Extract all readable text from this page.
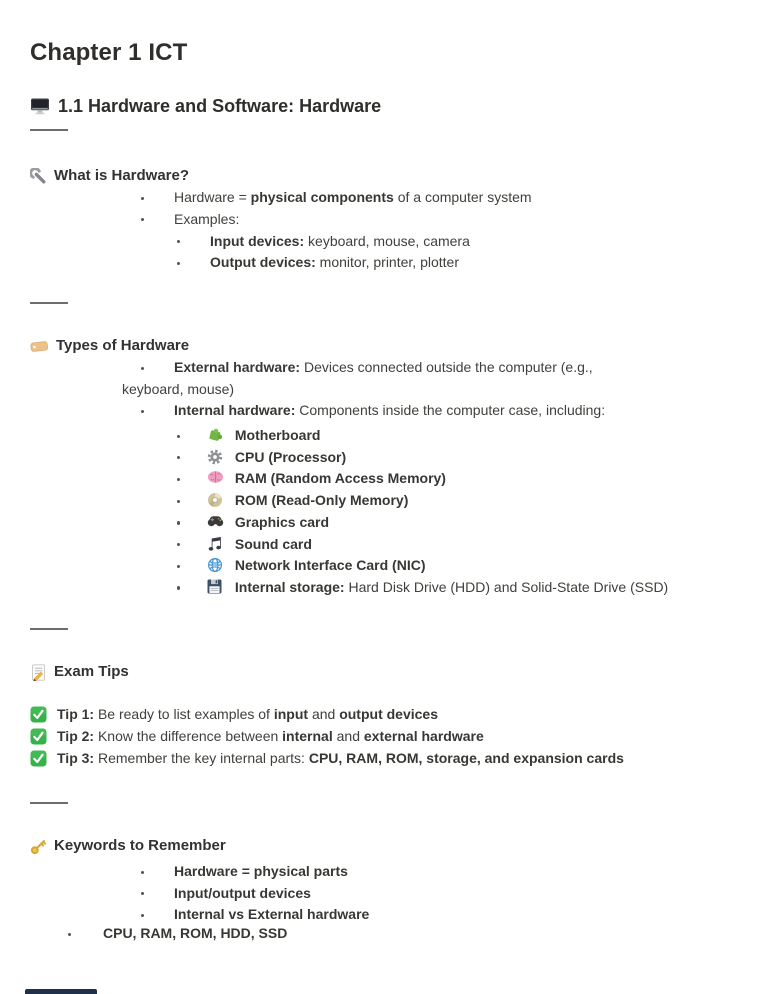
Chapter 1 ICT
1.1 Hardware and Software: Hardware
What is Hardware?
Hardware = physical components of a computer system
Examples:
Input devices: keyboard, mouse, camera
Output devices: monitor, printer, plotter
Types of Hardware
External hardware: Devices connected outside the computer (e.g.,
keyboard, mouse)
Internal hardware: Components inside the computer case, including:
Motherboard
CPU (Processor)
RAM (Random Access Memory)
ROM (Read-Only Memory)
Graphics card
Sound card
Network Interface Card (NIC)
Internal storage: Hard Disk Drive (HDD) and Solid-State Drive (SSD)
Exam Tips
Tip 1: Be ready to list examples of input and output devices
Tip 2: Know the difference between internal and external hardware
Tip 3: Remember the key internal parts: CPU, RAM, ROM, storage, and expansion cards
Keywords to Remember
Hardware = physical parts
Input/output devices
Internal vs External hardware
CPU, RAM, ROM, HDD, SSD
